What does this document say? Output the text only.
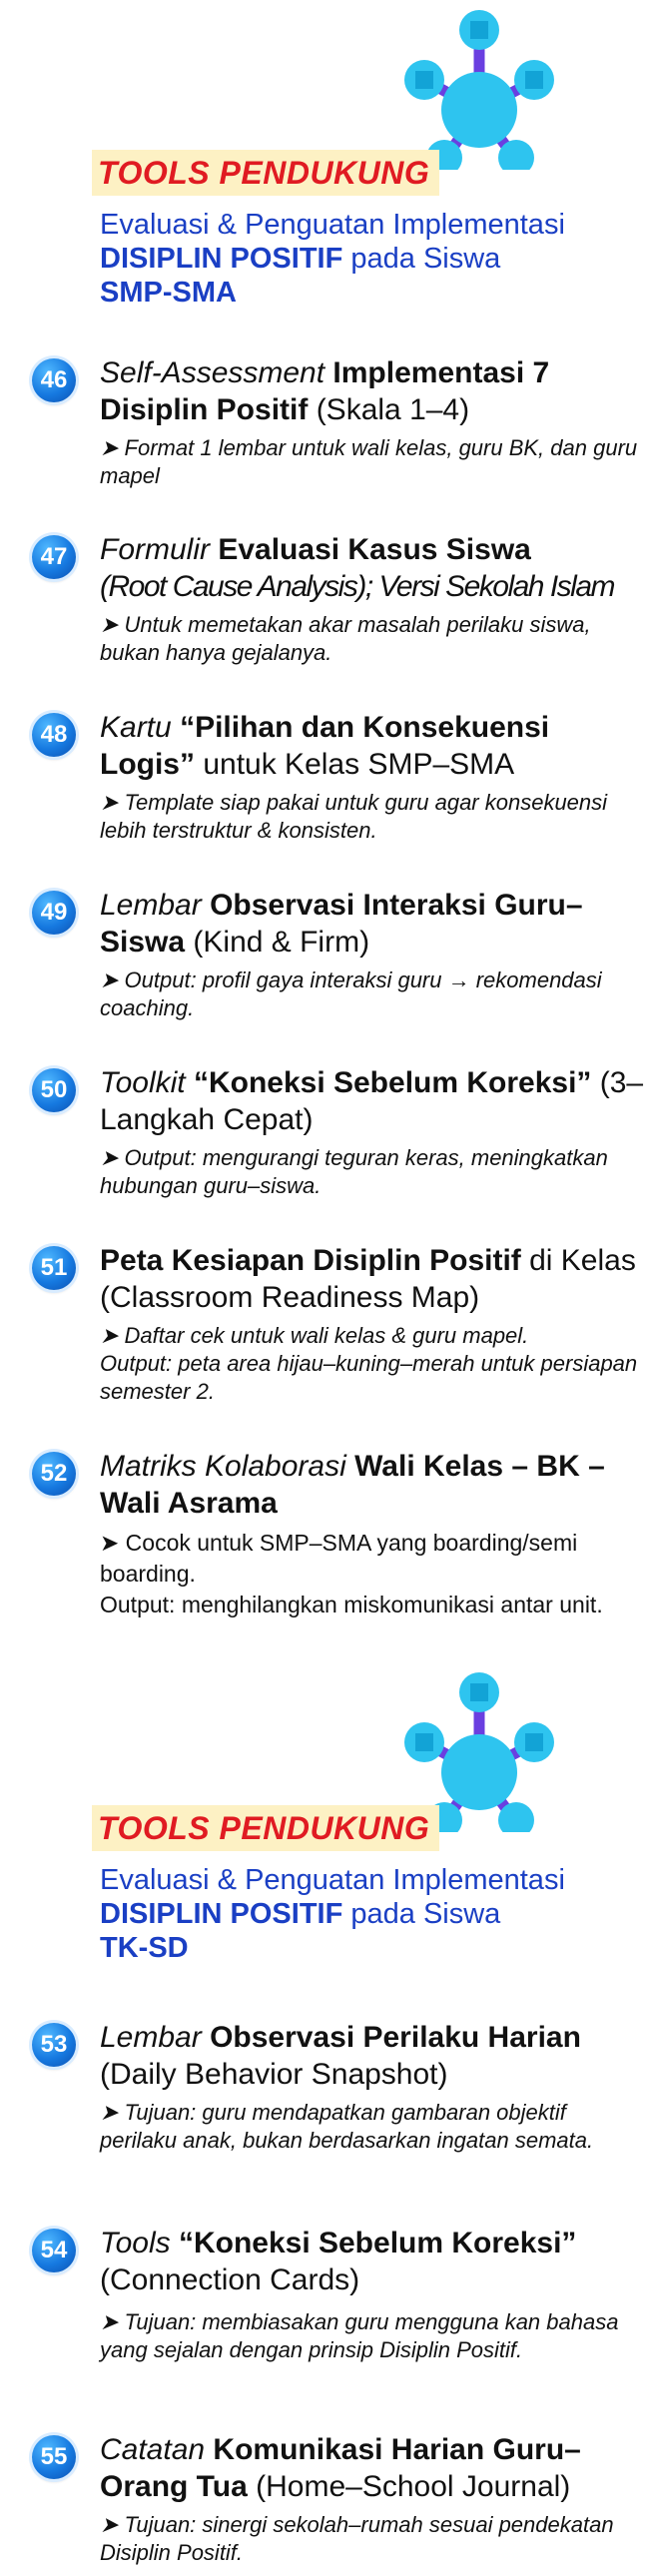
TOOLS PENDUKUNG
Evaluasi & Penguatan Implementasi
DISIPLIN POSITIF pada Siswa
SMP-SMA
46 Self-Assessment Implementasi 7 Disiplin Positif (Skala 1–4)
➤ Format 1 lembar untuk wali kelas, guru BK, dan guru mapel
47 Formulir Evaluasi Kasus Siswa
(Root Cause Analysis); Versi Sekolah Islam
➤ Untuk memetakan akar masalah perilaku siswa, bukan hanya gejalanya.
48 Kartu “Pilihan dan Konsekuensi Logis” untuk Kelas SMP–SMA
➤ Template siap pakai untuk guru agar konsekuensi lebih terstruktur & konsisten.
49 Lembar Observasi Interaksi Guru–Siswa (Kind & Firm)
➤ Output: profil gaya interaksi guru → rekomendasi coaching.
50 Toolkit “Koneksi Sebelum Koreksi” (3–Langkah Cepat)
➤ Output: mengurangi teguran keras, meningkatkan hubungan guru–siswa.
51 Peta Kesiapan Disiplin Positif di Kelas (Classroom Readiness Map)
➤ Daftar cek untuk wali kelas & guru mapel.
Output: peta area hijau–kuning–merah untuk persiapan semester 2.
52 Matriks Kolaborasi Wali Kelas – BK – Wali Asrama
➤ Cocok untuk SMP–SMA yang boarding/semi boarding.
Output: menghilangkan miskomunikasi antar unit.
TOOLS PENDUKUNG
Evaluasi & Penguatan Implementasi
DISIPLIN POSITIF pada Siswa
TK-SD
53 Lembar Observasi Perilaku Harian (Daily Behavior Snapshot)
➤ Tujuan: guru mendapatkan gambaran objektif perilaku anak, bukan berdasarkan ingatan semata.
54 Tools “Koneksi Sebelum Koreksi” (Connection Cards)
➤ Tujuan: membiasakan guru mengguna kan bahasa yang sejalan dengan prinsip Disiplin Positif.
55 Catatan Komunikasi Harian Guru–Orang Tua (Home–School Journal)
➤ Tujuan: sinergi sekolah–rumah sesuai pendekatan Disiplin Positif.
